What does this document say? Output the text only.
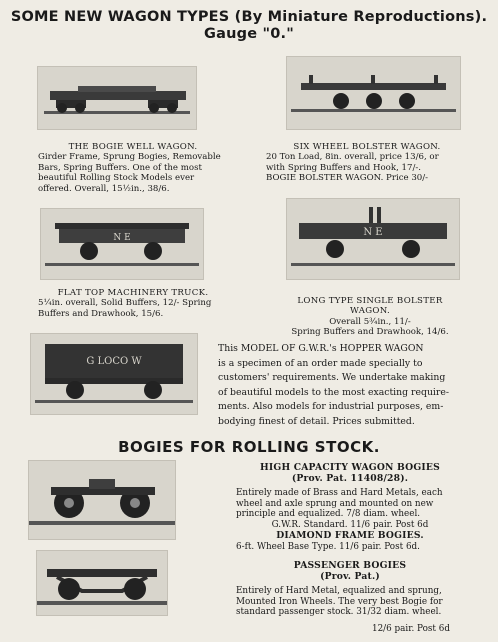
SOME NEW WAGON TYPES (By Miniature Reproductions).
Gauge "0."
THE BOGIE WELL WAGON.
Girder Frame, Sprung Bogies, Removable
Bars, Spring Buffers. One of the most
beautiful Rolling Stock Models ever
offered. Overall, 15½in., 38/6.
SIX WHEEL BOLSTER WAGON.
20 Ton Load, 8in. overall, price 13/6, or
with Spring Buffers and Hook, 17/-.
BOGIE BOLSTER WAGON. Price 30/-
N E	N E
FLAT TOP MACHINERY TRUCK.
5¼in. overall, Solid Buffers, 12/- Spring
Buffers and Drawhook, 15/6.
LONG TYPE SINGLE BOLSTER
WAGON.
Overall 5¾in., 11/-
Spring Buffers and Drawhook, 14/6.
G LOCO W
This MODEL OF G.W.R.'s HOPPER WAGON
is a specimen of an order made specially to
customers' requirements. We undertake making
of beautiful models to the most exacting require-
ments. Also models for industrial purposes, em-
bodying finest of detail. Prices submitted.
BOGIES FOR ROLLING STOCK.
HIGH CAPACITY WAGON BOGIES
(Prov. Pat. 11408/28).
Entirely made of Brass and Hard Metals, each
wheel and axle sprung and mounted on new
principle and equalized. 7/8 diam. wheel.
G.W.R. Standard. 11/6 pair. Post 6d
DIAMOND FRAME BOGIES.
6-ft. Wheel Base Type. 11/6 pair. Post 6d.
PASSENGER BOGIES
(Prov. Pat.)
Entirely of Hard Metal, equalized and sprung,
Mounted Iron Wheels. The very best Bogie for
standard passenger stock. 31/32 diam. wheel.
12/6 pair. Post 6d
